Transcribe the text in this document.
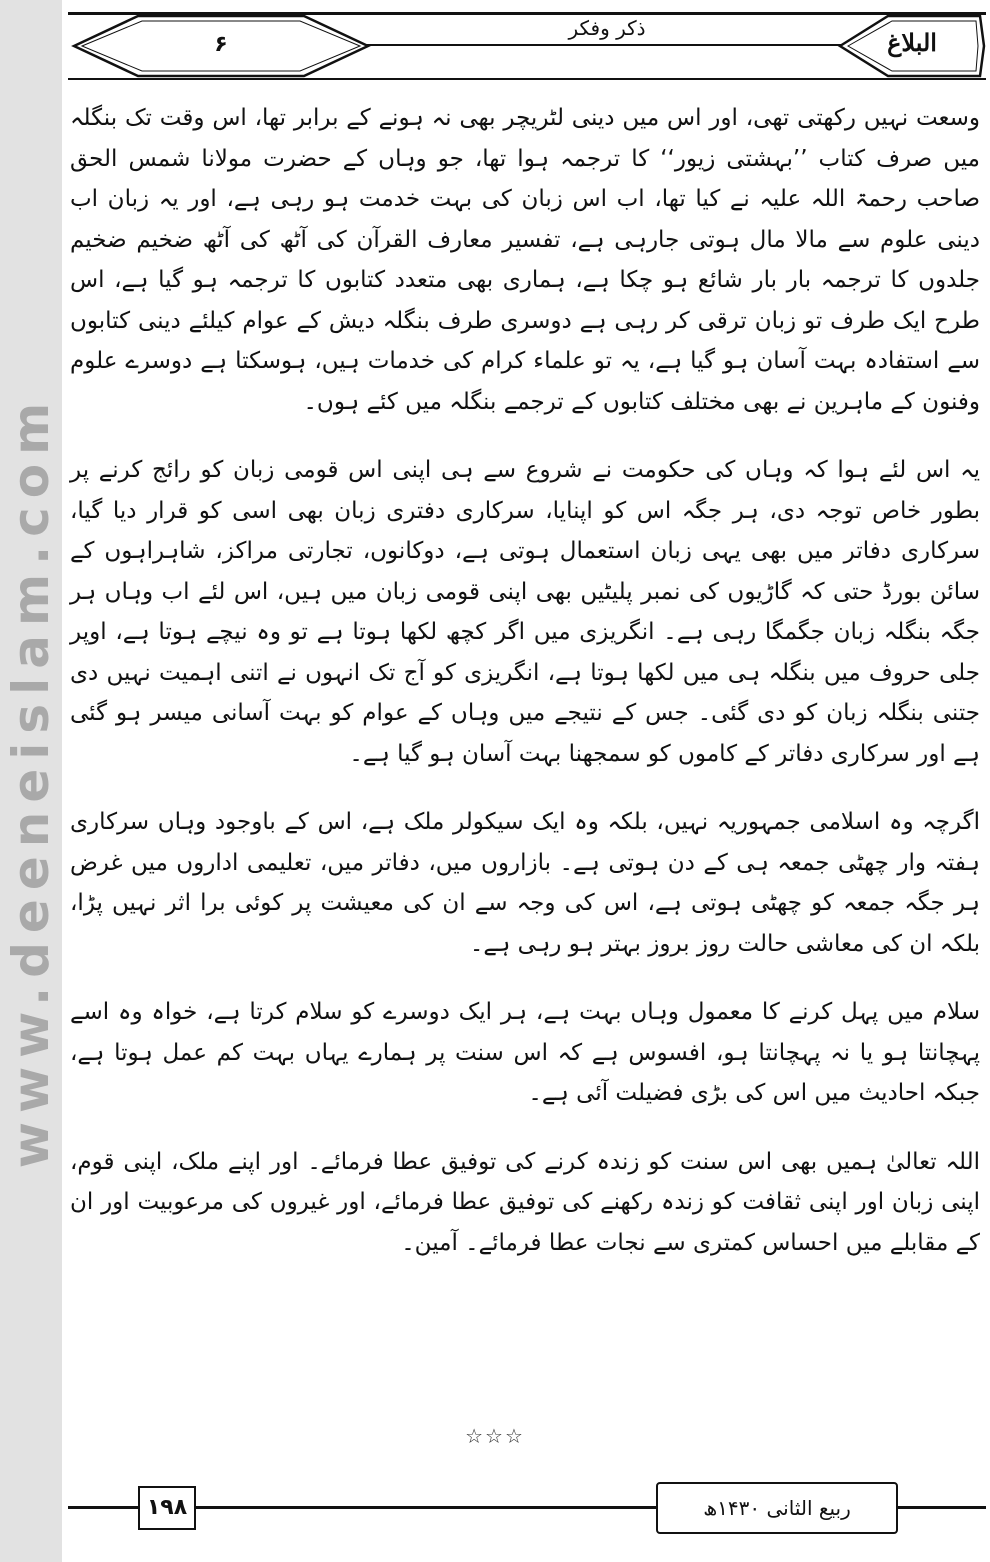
www.deeneislam.com
۶
ذکر وفکر	البلاغ

وسعت نہیں رکھتی تھی، اور اس میں دینی لٹریچر بھی نہ ہونے کے برابر تھا، اس وقت تک بنگلہ میں صرف کتاب ’’بہشتی زیور‘‘ کا ترجمہ ہوا تھا، جو وہاں کے حضرت مولانا شمس الحق صاحب رحمۃ اللہ علیہ نے کیا تھا، اب اس زبان کی بہت خدمت ہو رہی ہے، اور یہ زبان اب دینی علوم سے مالا مال ہوتی جارہی ہے، تفسیر معارف القرآن کی آٹھ کی آٹھ ضخیم ضخیم جلدوں کا ترجمہ بار بار شائع ہو چکا ہے، ہماری بھی متعدد کتابوں کا ترجمہ ہو گیا ہے، اس طرح ایک طرف تو زبان ترقی کر رہی ہے دوسری طرف بنگلہ دیش کے عوام کیلئے دینی کتابوں سے استفادہ بہت آسان ہو گیا ہے، یہ تو علماء کرام کی خدمات ہیں، ہوسکتا ہے دوسرے علوم وفنون کے ماہرین نے بھی مختلف کتابوں کے ترجمے بنگلہ میں کئے ہوں۔

یہ اس لئے ہوا کہ وہاں کی حکومت نے شروع سے ہی اپنی اس قومی زبان کو رائج کرنے پر بطور خاص توجہ دی، ہر جگہ اس کو اپنایا، سرکاری دفتری زبان بھی اسی کو قرار دیا گیا، سرکاری دفاتر میں بھی یہی زبان استعمال ہوتی ہے، دوکانوں، تجارتی مراکز، شاہراہوں کے سائن بورڈ حتی کہ گاڑیوں کی نمبر پلیٹیں بھی اپنی قومی زبان میں ہیں، اس لئے اب وہاں ہر جگہ بنگلہ زبان جگمگا رہی ہے۔ انگریزی میں اگر کچھ لکھا ہوتا ہے تو وہ نیچے ہوتا ہے، اوپر جلی حروف میں بنگلہ ہی میں لکھا ہوتا ہے، انگریزی کو آج تک انہوں نے اتنی اہمیت نہیں دی جتنی بنگلہ زبان کو دی گئی۔ جس کے نتیجے میں وہاں کے عوام کو بہت آسانی میسر ہو گئی ہے اور سرکاری دفاتر کے کاموں کو سمجھنا بہت آسان ہو گیا ہے۔

اگرچہ وہ اسلامی جمہوریہ نہیں، بلکہ وہ ایک سیکولر ملک ہے، اس کے باوجود وہاں سرکاری ہفتہ وار چھٹی جمعہ ہی کے دن ہوتی ہے۔ بازاروں میں، دفاتر میں، تعلیمی اداروں میں غرض ہر جگہ جمعہ کو چھٹی ہوتی ہے، اس کی وجہ سے ان کی معیشت پر کوئی برا اثر نہیں پڑا، بلکہ ان کی معاشی حالت روز بروز بہتر ہو رہی ہے۔

سلام میں پہل کرنے کا معمول وہاں بہت ہے، ہر ایک دوسرے کو سلام کرتا ہے، خواہ وہ اسے پہچانتا ہو یا نہ پہچانتا ہو، افسوس ہے کہ اس سنت پر ہمارے یہاں بہت کم عمل ہوتا ہے، جبکہ احادیث میں اس کی بڑی فضیلت آئی ہے۔

اللہ تعالیٰ ہمیں بھی اس سنت کو زندہ کرنے کی توفیق عطا فرمائے۔ اور اپنے ملک، اپنی قوم، اپنی زبان اور اپنی ثقافت کو زندہ رکھنے کی توفیق عطا فرمائے، اور غیروں کی مرعوبیت اور ان کے مقابلے میں احساس کمتری سے نجات عطا فرمائے۔ آمین۔

☆☆☆
۱۹۸	ربیع الثانی ۱۴۳۰ھ
